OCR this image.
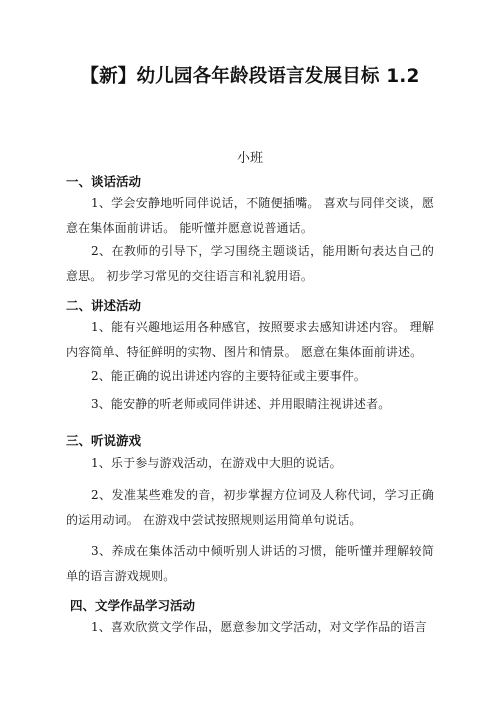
【新】幼儿园各年龄段语言发展目标 1.2
小班
一、谈话活动
1、学会安静地听同伴说话，不随便插嘴。 喜欢与同伴交谈，愿意在集体面前讲话。 能听懂并愿意说普通话。
2、在教师的引导下，学习围绕主题谈话，能用断句表达自己的意思。 初步学习常见的交往语言和礼貌用语。
二、讲述活动
1、能有兴趣地运用各种感官，按照要求去感知讲述内容。 理解内容简单、特征鲜明的实物、图片和情景。 愿意在集体面前讲述。
2、能正确的说出讲述内容的主要特征或主要事件。
3、能安静的听老师或同伴讲述、并用眼睛注视讲述者。
三、听说游戏
1、乐于参与游戏活动，在游戏中大胆的说话。
2、发准某些难发的音，初步掌握方位词及人称代词，学习正确的运用动词。 在游戏中尝试按照规则运用简单句说话。
3、养成在集体活动中倾听别人讲话的习惯，能听懂并理解较简单的语言游戏规则。
四、文学作品学习活动
1、喜欢欣赏文学作品，愿意参加文学活动，对文学作品的语言
